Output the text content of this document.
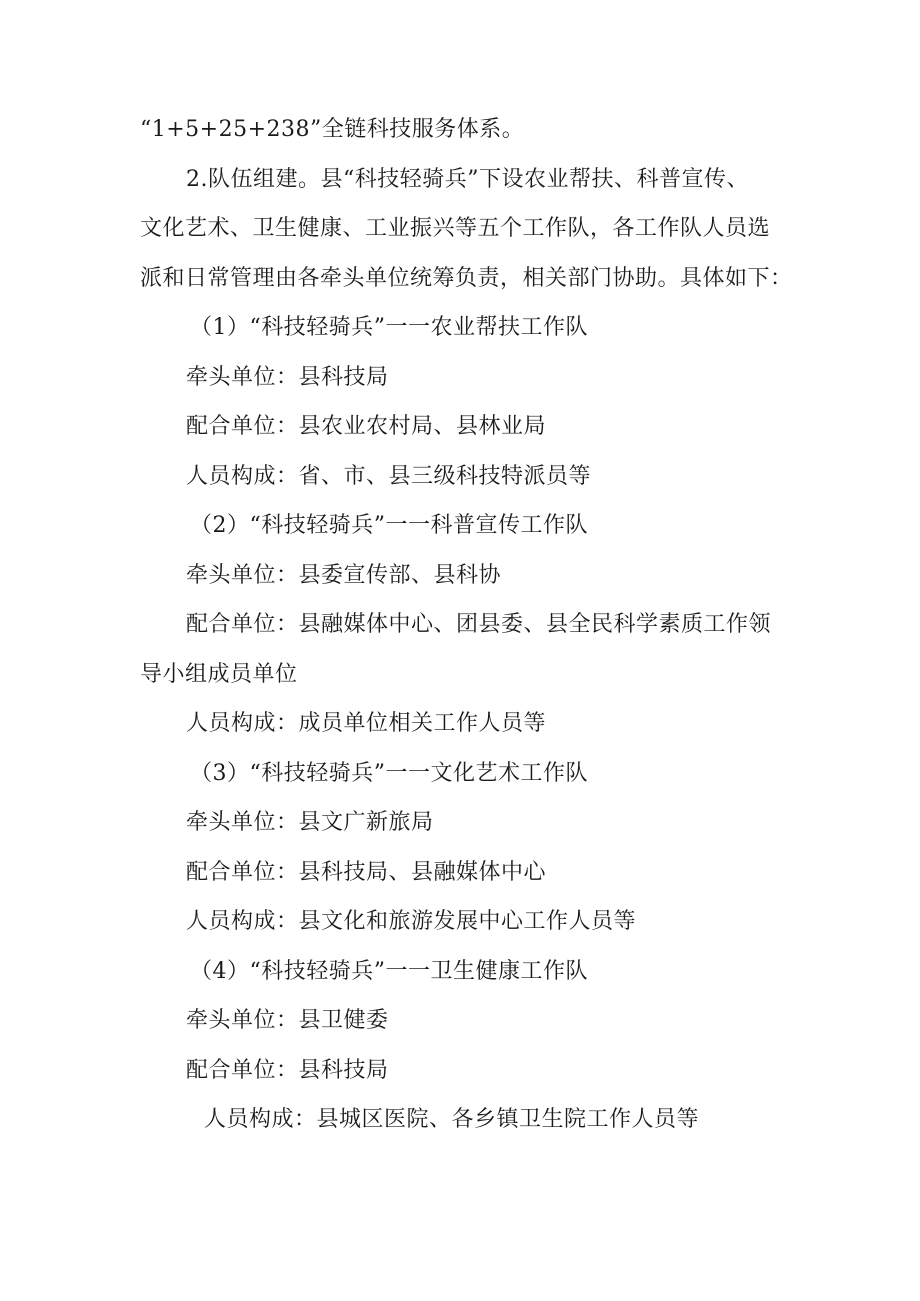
“1+5+25+238”全链科技服务体系。
2.队伍组建。县“科技轻骑兵”下设农业帮扶、科普宣传、
文化艺术、卫生健康、工业振兴等五个工作队，各工作队人员选
派和日常管理由各牵头单位统筹负责，相关部门协助。具体如下：
（1）“科技轻骑兵”一一农业帮扶工作队
牵头单位：县科技局
配合单位：县农业农村局、县林业局
人员构成：省、市、县三级科技特派员等
（2）“科技轻骑兵”一一科普宣传工作队
牵头单位：县委宣传部、县科协
配合单位：县融媒体中心、团县委、县全民科学素质工作领
导小组成员单位
人员构成：成员单位相关工作人员等
（3）“科技轻骑兵”一一文化艺术工作队
牵头单位：县文广新旅局
配合单位：县科技局、县融媒体中心
人员构成：县文化和旅游发展中心工作人员等
（4）“科技轻骑兵”一一卫生健康工作队
牵头单位：县卫健委
配合单位：县科技局
人员构成：县城区医院、各乡镇卫生院工作人员等
